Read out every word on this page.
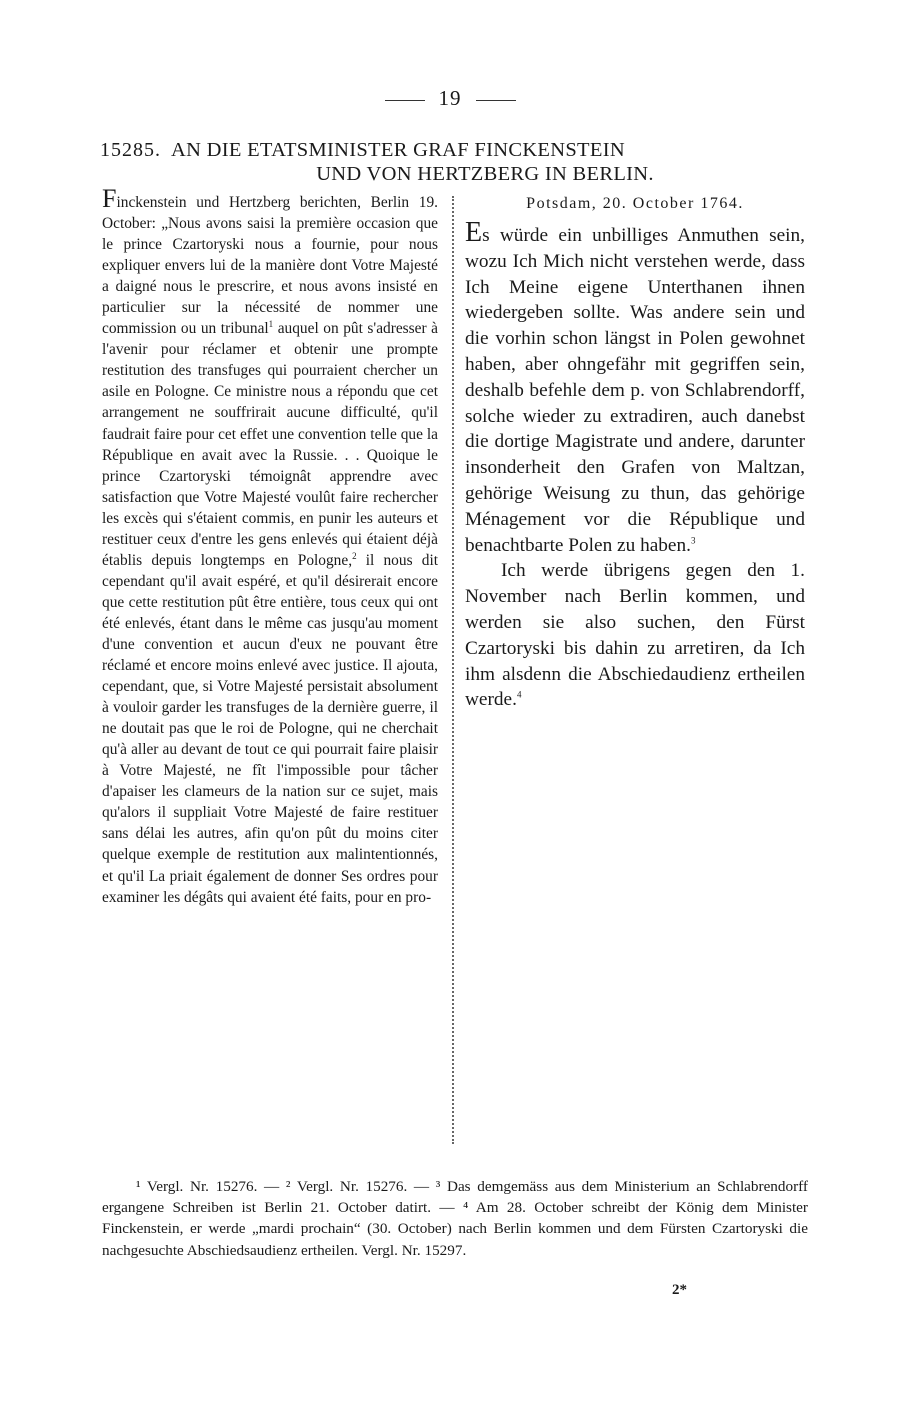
19
15285. AN DIE ETATSMINISTER GRAF FINCKENSTEIN
UND VON HERTZBERG IN BERLIN.

Finckenstein und Hertzberg berichten, Berlin 19. October: „Nous avons saisi la première occasion que le prince Czartoryski nous a fournie, pour nous expliquer envers lui de la manière dont Votre Majesté a daigné nous le prescrire, et nous avons insisté en particulier sur la nécessité de nommer une commission ou un tribunal$^1$ auquel on pût s'adresser à l'avenir pour réclamer et obtenir une prompte restitution des transfuges qui pourraient chercher un asile en Pologne. Ce ministre nous a répondu que cet arrangement ne souffrirait aucune difficulté, qu'il faudrait faire pour cet effet une convention telle que la République en avait avec la Russie. . . Quoique le prince Czartoryski témoignât apprendre avec satisfaction que Votre Majesté voulût faire rechercher les excès qui s'étaient commis, en punir les auteurs et restituer ceux d'entre les gens enlevés qui étaient déjà établis depuis longtemps en Pologne,$^2$ il nous dit cependant qu'il avait espéré, et qu'il désirerait encore que cette restitution pût être entière, tous ceux qui ont été enlevés, étant dans le même cas jusqu'au moment d'une convention et aucun d'eux ne pouvant être réclamé et encore moins enlevé avec justice. Il ajouta, cependant, que, si Votre Majesté persistait absolument à vouloir garder les transfuges de la dernière guerre, il ne doutait pas que le roi de Pologne, qui ne cherchait qu'à aller au devant de tout ce qui pourrait faire plaisir à Votre Majesté, ne fît l'impossible pour tâcher d'apaiser les clameurs de la nation sur ce sujet, mais qu'alors il suppliait Votre Majesté de faire restituer sans délai les autres, afin qu'on pût du moins citer quelque exemple de restitution aux malintentionnés, et qu'il La priait également de donner Ses ordres pour examiner les dégâts qui avaient été faits, pour en pro-

Potsdam, 20. October 1764.

Es würde ein unbilliges Anmuthen sein, wozu Ich Mich nicht verstehen werde, dass Ich Meine eigene Unterthanen ihnen wiedergeben sollte. Was andere sein und die vorhin schon längst in Polen gewohnet haben, aber ohngefähr mit gegriffen sein, deshalb befehle dem p. von Schlabrendorff, solche wieder zu extradiren, auch danebst die dortige Magistrate und andere, darunter insonderheit den Grafen von Maltzan, gehörige Weisung zu thun, das gehörige Ménagement vor die République und benachtbarte Polen zu haben.$^3$

Ich werde übrigens gegen den 1. November nach Berlin kommen, und werden sie also suchen, den Fürst Czartoryski bis dahin zu arretiren, da Ich ihm alsdenn die Abschiedaudienz ertheilen werde.$^4$

¹ Vergl. Nr. 15276. — ² Vergl. Nr. 15276. — ³ Das demgemäss aus dem Ministerium an Schlabrendorff ergangene Schreiben ist Berlin 21. October datirt. — ⁴ Am 28. October schreibt der König dem Minister Finckenstein, er werde „mardi prochain“ (30. October) nach Berlin kommen und dem Fürsten Czartoryski die nachgesuchte Abschiedsaudienz ertheilen. Vergl. Nr. 15297.

2*
